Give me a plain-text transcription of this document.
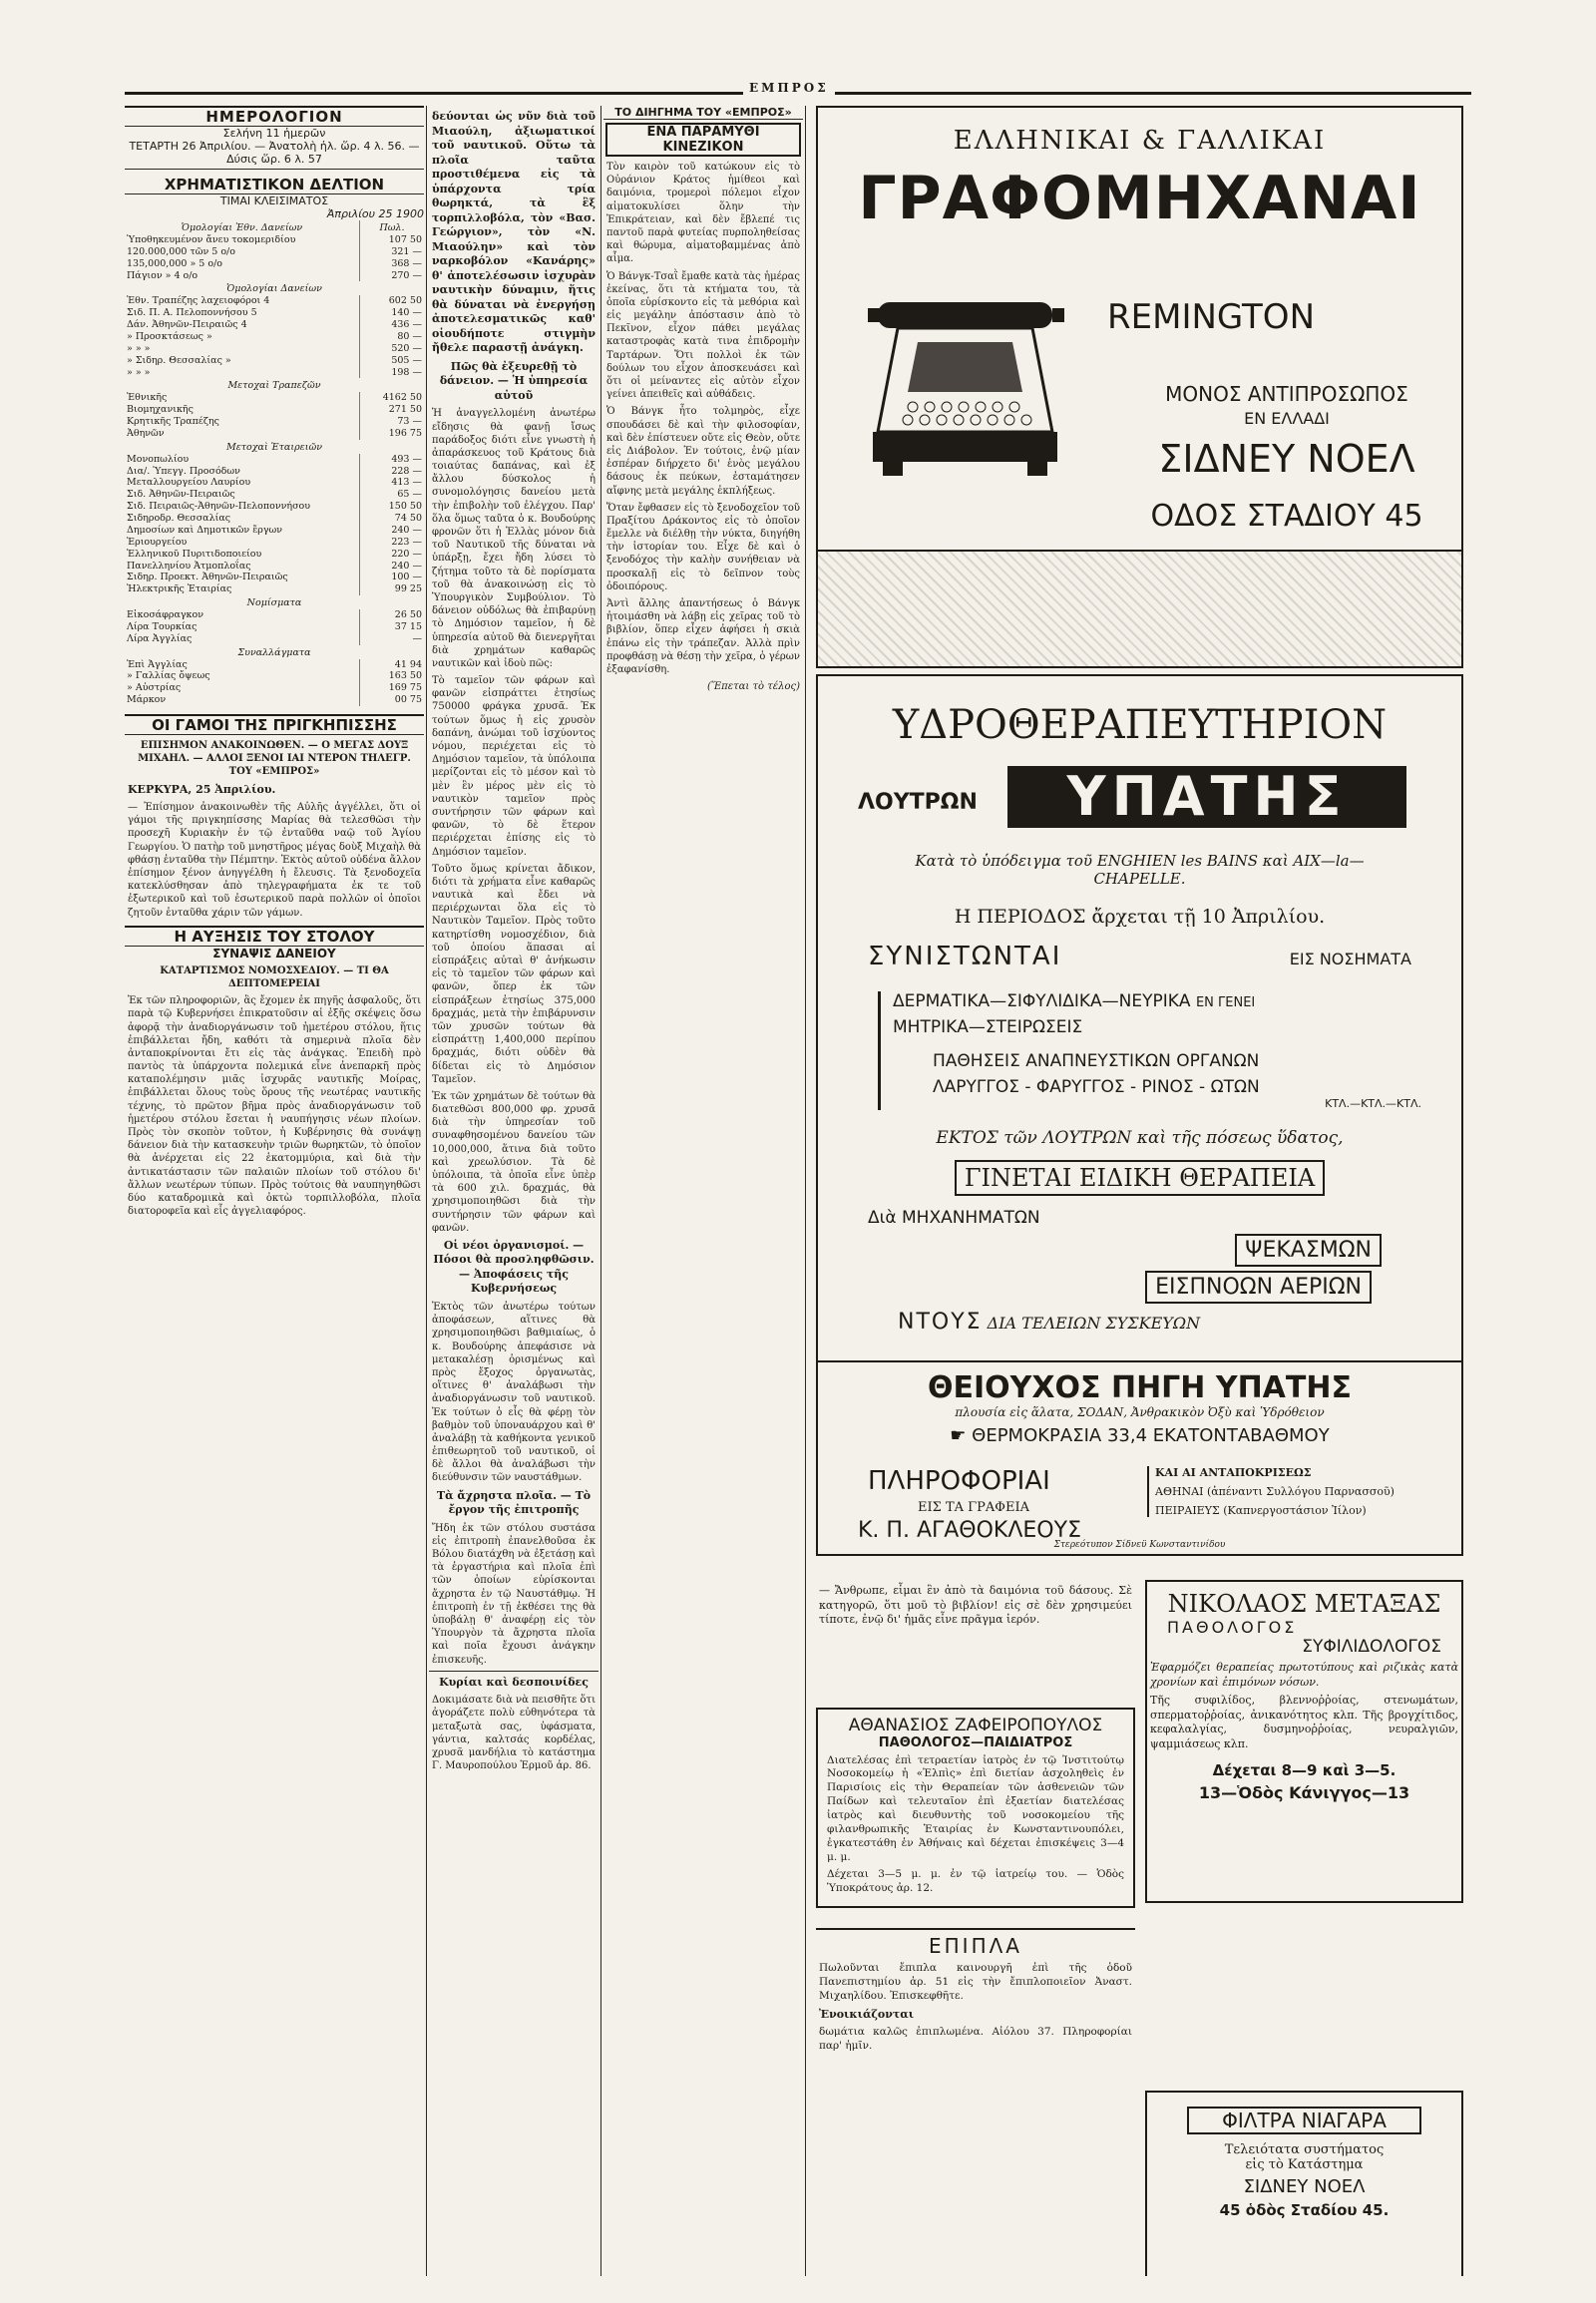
ΕΜΠΡΟΣ
ΗΜΕΡΟΛΟΓΙΟΝ
Σελήνη 11 ἡμερῶν
ΤΕΤΑΡΤΗ 26 Ἀπριλίου. — Ἀνατολὴ ἡλ. ὥρ. 4 λ. 56. — Δύσις ὥρ. 6 λ. 57
ΧΡΗΜΑΤΙΣΤΙΚΟΝ ΔΕΛΤΙΟΝ
ΤΙΜΑΙ ΚΛΕΙΣΙΜΑΤΟΣ
Ἀπριλίου 25 1900
Ὁμολογίαι Ἐθν. Δανείων	Πωλ.
Ὑποθηκευμένον ἄνευ τοκομεριδίου	107 50
120.000,000 τῶν 5 ο/ο	321 —
135,000,000 » 5 ο/ο	368 —
Πάγιον » 4 ο/ο	270 —
Ὁμολογίαι Δανείων	
Ἐθν. Τραπέζης λαχειοφόροι 4	602 50
Σιδ. Π. Α. Πελοποννήσου 5	140 —
Δάν. Ἀθηνῶν-Πειραιῶς 4	436 —
» Προσκτάσεως »	80 —
» » »	520 —
» Σιδηρ. Θεσσαλίας »	505 —
» » »	198 —
Μετοχαὶ Τραπεζῶν	
Ἐθνικῆς	4162 50
Βιομηχανικῆς	271 50
Κρητικῆς Τραπέζης	73 —
Ἀθηνῶν	196 75
Μετοχαὶ Ἑταιρειῶν	
Μονοπωλίου	493 —
Δια/. Ὑπεγγ. Προσόδων	228 —
Μεταλλουργείου Λαυρίου	413 —
Σιδ. Ἀθηνῶν-Πειραιῶς	65 —
Σιδ. Πειραιῶς-Ἀθηνῶν-Πελοποννήσου	150 50
Σιδηροδρ. Θεσσαλίας	74 50
Δημοσίων καὶ Δημοτικῶν ἔργων	240 —
Ἐριουργείου	223 —
Ἑλληνικοῦ Πυριτιδοποιείου	220 —
Πανελληνίου Ἀτμοπλοΐας	240 —
Σιδηρ. Προεκτ. Ἀθηνῶν-Πειραιῶς	100 —
Ἠλεκτρικῆς Ἑταιρίας	99 25
Νομίσματα	
Εἰκοσάφραγκον	26 50
Λίρα Τουρκίας	37 15
Λίρα Ἀγγλίας	—
Συναλλάγματα	
Ἐπὶ Ἀγγλίας	41 94
» Γαλλίας ὄψεως	163 50
» Αὐστρίας	169 75
Μάρκον	00 75
ΟΙ ΓΑΜΟΙ ΤΗΣ ΠΡΙΓΚΗΠΙΣΣΗΣ
ΕΠΙΣΗΜΟΝ ΑΝΑΚΟΙΝΩΘΕΝ. — Ο ΜΕΓΑΣ ΔΟΥΞ ΜΙΧΑΗΛ. — ΑΛΛΟΙ ΞΕΝΟΙ ΙΑΙ ΝΤΕΡΟΝ ΤΗΛΕΓΡ. ΤΟΥ «ΕΜΠΡΟΣ»
ΚΕΡΚΥΡΑ, 25 Ἀπριλίου.
— Ἐπίσημον ἀνακοινωθὲν τῆς Αὐλῆς ἀγγέλλει, ὅτι οἱ γάμοι τῆς πριγκηπίσσης Μαρίας θὰ τελεσθῶσι τὴν προσεχῆ Κυριακὴν ἐν τῷ ἐνταῦθα ναῷ τοῦ Ἁγίου Γεωργίου. Ὁ πατὴρ τοῦ μνηστῆρος μέγας δοὺξ Μιχαὴλ θὰ φθάσῃ ἐνταῦθα τὴν Πέμπτην. Ἐκτὸς αὐτοῦ οὐδένα ἄλλον ἐπίσημον ξένον ἀνηγγέλθη ἡ ἔλευσις. Τὰ ξενοδοχεῖα κατεκλύσθησαν ἀπὸ τηλεγραφήματα ἐκ τε τοῦ ἐξωτερικοῦ καὶ τοῦ ἐσωτερικοῦ παρὰ πολλῶν οἱ ὁποῖοι ζητοῦν ἐνταῦθα χάριν τῶν γάμων.
Η ΑΥΞΗΣΙΣ ΤΟΥ ΣΤΟΛΟΥ
ΣΥΝΑΨΙΣ ΔΑΝΕΙΟΥ
ΚΑΤΑΡΤΙΣΜΟΣ ΝΟΜΟΣΧΕΔΙΟΥ. — ΤΙ ΘΑ ΔΕΠΤΟΜΕΡΕΙΑΙ
Ἐκ τῶν πληροφοριῶν, ἃς ἔχομεν ἐκ πηγῆς ἀσφαλοῦς, ὅτι παρὰ τῷ Κυβερνήσει ἐπικρατοῦσιν αἱ ἐξῆς σκέψεις ὅσω ἀφορᾷ τὴν ἀναδιοργάνωσιν τοῦ ἡμετέρου στόλου, ἥτις ἐπιβάλλεται ἤδη, καθότι τὰ σημερινὰ πλοῖα δὲν ἀνταποκρίνονται ἔτι εἰς τὰς ἀνάγκας. Ἐπειδὴ πρὸ παντὸς τὰ ὑπάρχοντα πολεμικά εἶνε ἀνεπαρκῆ πρὸς καταπολέμησιν μιᾶς ἰσχυρᾶς ναυτικῆς Μοίρας, ἐπιβάλλεται ὅλους τοὺς ὅρους τῆς νεωτέρας ναυτικῆς τέχνης, τὸ πρῶτον βῆμα πρὸς ἀναδιοργάνωσιν τοῦ ἡμετέρου στόλου ἔσεται ἡ ναυπήγησις νέων πλοίων. Πρὸς τὸν σκοπὸν τοῦτον, ἡ Κυβέρνησις θὰ συνάψῃ δάνειον διὰ τὴν κατασκευὴν τριῶν θωρηκτῶν, τὸ ὁποῖον θὰ ἀνέρχεται εἰς 22 ἑκατομμύρια, καὶ διὰ τὴν ἀντικατάστασιν τῶν παλαιῶν πλοίων τοῦ στόλου δι' ἄλλων νεωτέρων τύπων. Πρὸς τούτοις θὰ ναυπηγηθῶσι δύο καταδρομικὰ καὶ ὀκτὼ τορπιλλοβόλα, πλοῖα διατοροφεῖα καὶ εἷς ἀγγελιαφόρος.
δεύονται ὡς νῦν διὰ τοῦ Μιαούλη, ἀξιωματικοί τοῦ ναυτικοῦ. Οὕτω τὰ πλοῖα ταῦτα προστιθέμενα εἰς τὰ ὑπάρχοντα τρία θωρηκτά, τὰ ἓξ τορπιλλοβόλα, τὸν «Βασ. Γεώργιον», τὸν «Ν. Μιαούλην» καὶ τὸν ναρκοβόλον «Κανάρης» θ' ἀποτελέσωσιν ἰσχυρὰν ναυτικὴν δύναμιν, ἥτις θὰ δύναται νὰ ἐνεργήσῃ ἀποτελεσματικῶς καθ' οἱουδήποτε στιγμὴν ἤθελε παραστῇ ἀνάγκη.
Πῶς θὰ ἐξευρεθῇ τὸ δάνειον. — Ἡ ὑπηρεσία αὐτοῦ
Ἡ ἀναγγελλομένη ἀνωτέρω εἴδησις θὰ φανῇ ἴσως παράδοξος διότι εἶνε γνωστὴ ἡ ἀπαράσκευος τοῦ Κράτους διὰ τοιαύτας δαπάνας, καὶ ἐξ ἄλλου δύσκολος ἡ συνομολόγησις δανείου μετὰ τὴν ἐπιβολὴν τοῦ ἐλέγχου. Παρ' ὅλα ὅμως ταῦτα ὁ κ. Βουδούρης φρονῶν ὅτι ἡ Ἑλλὰς μόνον διὰ τοῦ Ναυτικοῦ τῆς δύναται νὰ ὑπάρξῃ, ἔχει ἤδη λύσει τὸ ζήτημα τοῦτο τὰ δὲ πορίσματα τοῦ θὰ ἀνακοινώσῃ εἰς τὸ Ὑπουργικὸν Συμβούλιον. Τὸ δάνειον οὐδόλως θὰ ἐπιβαρύνῃ τὸ Δημόσιον ταμεῖον, ἡ δὲ ὑπηρεσία αὐτοῦ θὰ διενεργῆται διὰ χρημάτων καθαρῶς ναυτικῶν καὶ ἰδοὺ πῶς:
Τὸ ταμεῖον τῶν φάρων καὶ φανῶν εἰσπράττει ἐτησίως 750000 φράγκα χρυσᾶ. Ἐκ τούτων ὅμως ἡ εἰς χρυσὸν δαπάνη, ἀνώμαι τοῦ ἰσχύοντος νόμου, περιέχεται εἰς τὸ Δημόσιον ταμεῖον, τὰ ὑπόλοιπα μερίζονται εἰς τὸ μέσον καὶ τὸ μὲν ἓν μέρος μὲν εἰς τὸ ναυτικὸν ταμεῖον πρὸς συντήρησιν τῶν φάρων καὶ φανῶν, τὸ δὲ ἕτερον περιέρχεται ἐπίσης εἰς τὸ Δημόσιον ταμεῖον.
Τοῦτο ὅμως κρίνεται ἄδικον, διότι τὰ χρήματα εἶνε καθαρῶς ναυτικὰ καὶ ἔδει νὰ περιέρχωνται ὅλα εἰς τὸ Ναυτικὸν Ταμεῖον. Πρὸς τοῦτο κατηρτίσθη νομοσχέδιον, διὰ τοῦ ὁποίου ἅπασαι αἱ εἰσπράξεις αὐταὶ θ' ἀνήκωσιν εἰς τὸ ταμεῖον τῶν φάρων καὶ φανῶν, ὅπερ ἐκ τῶν εἰσπράξεων ἐτησίως 375,000 δραχμάς, μετὰ τὴν ἐπιβάρυνσιν τῶν χρυσῶν τούτων θὰ εἰσπράττῃ 1,400,000 περίπου δραχμάς, διότι οὐδὲν θὰ δίδεται εἰς τὸ Δημόσιον Ταμεῖον.
Ἐκ τῶν χρημάτων δὲ τούτων θὰ διατεθῶσι 800,000 φρ. χρυσᾶ διὰ τὴν ὑπηρεσίαν τοῦ συναφθησομένου δανείου τῶν 10,000,000, ἅτινα διὰ τοῦτο καὶ χρεωλύσιον. Τὰ δὲ ὑπόλοιπα, τὰ ὁποῖα εἶνε ὑπὲρ τὰ 600 χιλ. δραχμάς, θὰ χρησιμοποιηθῶσι διὰ τὴν συντήρησιν τῶν φάρων καὶ φανῶν.
Οἱ νέοι ὀργανισμοί. — Πόσοι θὰ προσληφθῶσιν. — Ἀποφάσεις τῆς Κυβερνήσεως
Ἐκτὸς τῶν ἀνωτέρω τούτων ἀποφάσεων, αἵτινες θὰ χρησιμοποιηθῶσι βαθμιαίως, ὁ κ. Βουδούρης ἀπεφάσισε νὰ μετακαλέσῃ ὀρισμένως καὶ πρὸς ἔξοχος ὀργανωτὰς, οἵτινες θ' ἀναλάβωσι τὴν ἀναδιοργάνωσιν τοῦ ναυτικοῦ. Ἐκ τούτων ὁ εἷς θὰ φέρῃ τὸν βαθμὸν τοῦ ὑποναυάρχου καὶ θ' ἀναλάβῃ τὰ καθήκοντα γενικοῦ ἐπιθεωρητοῦ τοῦ ναυτικοῦ, οἱ δὲ ἄλλοι θὰ ἀναλάβωσι τὴν διεύθυνσιν τῶν ναυστάθμων.
Τὰ ἄχρηστα πλοῖα. — Τὸ ἔργον τῆς ἐπιτροπῆς
Ἤδη ἐκ τῶν στόλου συστάσα εἰς ἐπιτροπὴ ἐπανελθοῦσα ἐκ Βόλου διατάχθη νὰ ἐξετάσῃ καὶ τὰ ἐργαστήρια καὶ πλοῖα ἐπὶ τῶν ὁποίων εὑρίσκονται ἄχρηστα ἐν τῷ Ναυστάθμῳ. Ἡ ἐπιτροπὴ ἐν τῇ ἐκθέσει της θὰ ὑποβάλῃ θ' ἀναφέρῃ εἰς τὸν Ὑπουργὸν τὰ ἄχρηστα πλοῖα καὶ ποῖα ἔχουσι ἀνάγκην ἐπισκευῆς.
Κυρίαι καὶ δεσποινίδες
Δοκιμάσατε διὰ νὰ πεισθῆτε ὅτι ἀγοράζετε πολὺ εὐθηνότερα τὰ μεταξωτὰ σας, ὑφάσματα, γάντια, καλτσάς κορδέλας, χρυσᾶ μανδήλια τὸ κατάστημα Γ. Μαυροπούλου Ἑρμοῦ ἀρ. 86.
ΤΟ ΔΙΗΓΗΜΑ ΤΟΥ «ΕΜΠΡΟΣ»
ΕΝΑ ΠΑΡΑΜΥΘΙ ΚΙΝΕΖΙΚΟΝ
Τὸν καιρὸν τοῦ κατώκουν εἰς τὸ Οὐράνιον Κράτος ἡμίθεοι καὶ δαιμόνια, τρομεροὶ πόλεμοι εἶχον αἱματοκυλίσει ὅλην τὴν Ἐπικράτειαν, καὶ δὲν ἔβλεπέ τις παντοῦ παρὰ φυτείας πυρποληθείσας καὶ θώρυμα, αἱματοβαμμένας ἀπὸ αἷμα.
Ὁ Βάνγκ-Τσαῒ ἔμαθε κατὰ τὰς ἡμέρας ἐκείνας, ὅτι τὰ κτήματα του, τὰ ὁποῖα εὑρίσκοντο εἰς τὰ μεθόρια καὶ εἰς μεγάλην ἀπόστασιν ἀπὸ τὸ Πεκῖνον, εἶχον πάθει μεγάλας καταστροφὰς κατὰ τινα ἐπιδρομὴν Ταρτάρων. Ὅτι πολλοὶ ἐκ τῶν δούλων του εἶχον ἀποσκευάσει καὶ ὅτι οἱ μείναντες εἰς αὐτὸν εἶχον γείνει ἀπειθεῖς καὶ αὐθάδεις.
Ὁ Βάνγκ ἦτο τολμηρὸς, εἶχε σπουδάσει δὲ καὶ τὴν φιλοσοφίαν, καὶ δὲν ἐπίστευεν οὔτε εἰς Θεὸν, οὔτε εἰς Διάβολον. Ἐν τούτοις, ἐνῷ μίαν ἑσπέραν διήρχετο δι' ἑνὸς μεγάλου δάσους ἐκ πεύκων, ἐσταμάτησεν αἴφνης μετὰ μεγάλης ἐκπλήξεως.
Ὅταν ἔφθασεν εἰς τὸ ξενοδοχεῖον τοῦ Πραξίτου Δράκοντος εἰς τὸ ὁποῖον ἔμελλε νὰ διέλθῃ τὴν νύκτα, διηγήθη τὴν ἱστορίαν του. Εἶχε δὲ καὶ ὁ ξενοδόχος τὴν καλὴν συνήθειαν νὰ προσκαλῇ εἰς τὸ δεῖπνον τοὺς ὀδοιπόρους.
Ἀντὶ ἄλλης ἀπαντήσεως ὁ Βάνγκ ἠτοιμάσθη νὰ λάβῃ εἰς χεῖρας τοῦ τὸ βιβλίον, ὅπερ εἶχεν ἀφήσει ἡ σκιὰ ἐπάνω εἰς τὴν τράπεζαν. Ἀλλὰ πρὶν προφθάσῃ νὰ θέσῃ τὴν χεῖρα, ὁ γέρων ἐξαφανίσθη.
(Ἕπεται τὸ τέλος)
ΕΛΛΗΝΙΚΑΙ & ΓΑΛΛΙΚΑΙ
ΓΡΑΦΟΜΗΧΑΝΑΙ
REMINGTON
ΜΟΝΟΣ ΑΝΤΙΠΡΟΣΩΠΟΣ
ΕΝ ΕΛΛΑΔΙ
ΣΙΔΝΕΥ ΝΟΕΛ
ΟΔΟΣ ΣΤΑΔΙΟΥ 45
ΥΔΡΟΘΕΡΑΠΕΥΤΗΡΙΟΝ
ΛΟΥΤΡΩΝ	ΥΠΑΤΗΣ
Κατὰ τὸ ὑπόδειγμα τοῦ ENGHIEN les BAINS καὶ AIX—la—CHAPELLE.
Η ΠΕΡΙΟΔΟΣ ἄρχεται τῇ 10 Ἀπριλίου.
ΣΥΝΙΣΤΩΝΤΑΙ	ΕΙΣ ΝΟΣΗΜΑΤΑ
ΔΕΡΜΑΤΙΚΑ—ΣΙΦΥΛΙΔΙΚΑ—ΝΕΥΡΙΚΑ ΕΝ ΓΕΝΕΙ
ΜΗΤΡΙΚΑ—ΣΤΕΙΡΩΣΕΙΣ
ΠΑΘΗΣΕΙΣ ΑΝΑΠΝΕΥΣΤΙΚΩΝ ΟΡΓΑΝΩΝ
ΛΑΡΥΓΓΟΣ - ΦΑΡΥΓΓΟΣ - ΡΙΝΟΣ - ΩΤΩΝ
ΚΤΛ.—ΚΤΛ.—ΚΤΛ.
ΕΚΤΟΣ τῶν ΛΟΥΤΡΩΝ καὶ τῆς πόσεως ὕδατος,
ΓΙΝΕΤΑΙ ΕΙΔΙΚΗ ΘΕΡΑΠΕΙΑ
Διὰ ΜΗΧΑΝΗΜΑΤΩΝ
ΨΕΚΑΣΜΩΝ
ΕΙΣΠΝΟΩΝ ΑΕΡΙΩΝ
ΝΤΟΥΣ ΔΙΑ ΤΕΛΕΙΩΝ ΣΥΣΚΕΥΩΝ
ΘΕΙΟΥΧΟΣ ΠΗΓΗ ΥΠΑΤΗΣ
πλουσία εἰς ἅλατα, ΣΟΔΑΝ, Ἀνθρακικὸν Ὀξὺ καὶ Ὑδρόθειον
☛ ΘΕΡΜΟΚΡΑΣΙΑ 33,4 ΕΚΑΤΟΝΤΑΒΑΘΜΟΥ
ΠΛΗΡΟΦΟΡΙΑΙ
ΕΙΣ ΤΑ ΓΡΑΦΕΙΑ
Κ. Π. ΑΓΑΘΟΚΛΕΟΥΣ
ΚΑΙ ΑΙ ΑΝΤΑΠΟΚΡΙΣΕΩΣ
ΑΘΗΝΑΙ (ἀπέναντι Συλλόγου Παρνασσοῦ)
ΠΕΙΡΑΙΕΥΣ (Καπνεργοστάσιον Ἰίλον)
Στερεότυπον Σίδνεϋ Κωνσταντινίδου
— Ἄνθρωπε, εἶμαι ἓν ἀπὸ τὰ δαιμόνια τοῦ δάσους. Σὲ κατηγορῶ, ὅτι μοῦ τὸ βιβλίον! εἰς σὲ δὲν χρησιμεύει τίποτε, ἐνῷ δι' ἡμᾶς εἶνε πρᾶγμα ἱερόν.
ΑΘΑΝΑΣΙΟΣ ΖΑΦΕΙΡΟΠΟΥΛΟΣ
ΠΑΘΟΛΟΓΟΣ—ΠΑΙΔΙΑΤΡΟΣ
Διατελέσας ἐπὶ τετραετίαν ἰατρὸς ἐν τῷ Ἰνστιτούτῳ Νοσοκομείῳ ἡ «Ἐλπὶς» ἐπὶ διετίαν ἀσχοληθεὶς ἐν Παρισίοις εἰς τὴν Θεραπείαν τῶν ἀσθενειῶν τῶν Παίδων καὶ τελευταῖον ἐπὶ ἐξαετίαν διατελέσας ἰατρὸς καὶ διευθυντὴς τοῦ νοσοκομείου τῆς φιλανθρωπικῆς Ἑταιρίας ἐν Κωνσταντινουπόλει, ἐγκατεστάθη ἐν Ἀθήναις καὶ δέχεται ἐπισκέψεις 3—4 μ. μ.
Δέχεται 3—5 μ. μ. ἐν τῷ ἰατρείῳ του. — Ὁδὸς Ὑποκράτους ἀρ. 12.
ΕΠΙΠΛΑ
Πωλοῦνται ἔπιπλα καινουργῆ ἐπὶ τῆς ὁδοῦ Πανεπιστημίου ἀρ. 51 εἰς τὴν ἔπιπλοποιεῖον Ἀναστ. Μιχαηλίδου. Ἐπισκεφθῆτε.
Ἐνοικιάζονται
δωμάτια καλῶς ἐπιπλωμένα. Αἰόλου 37. Πληροφορίαι παρ' ἡμῖν.
ΝΙΚΟΛΑΟΣ ΜΕΤΑΞΑΣ
ΠΑΘΟΛΟΓΟΣ
ΣΥΦΙΛΙΔΟΛΟΓΟΣ
Ἐφαρμόζει θεραπείας πρωτοτύπους καὶ ριζικὰς κατὰ χρονίων καὶ ἐπιμόνων νόσων.
Τῆς συφιλίδος, βλεννοῤῥοίας, στενωμάτων, σπερματοῤῥοίας, ἀνικανότητος κλπ. Τῆς βρογχίτιδος, κεφαλαλγίας, δυσμηνοῤῥοίας, νευραλγιῶν, ψαμμιάσεως κλπ.
Δέχεται 8—9 καὶ 3—5.
13—Ὁδὸς Κάνιγγος—13
ΦΙΛΤΡΑ ΝΙΑΓΑΡΑ
Τελειότατα συστήματος
εἰς τὸ Κατάστημα
ΣΙΔΝΕΥ ΝΟΕΛ
45 ὁδὸς Σταδίου 45.
